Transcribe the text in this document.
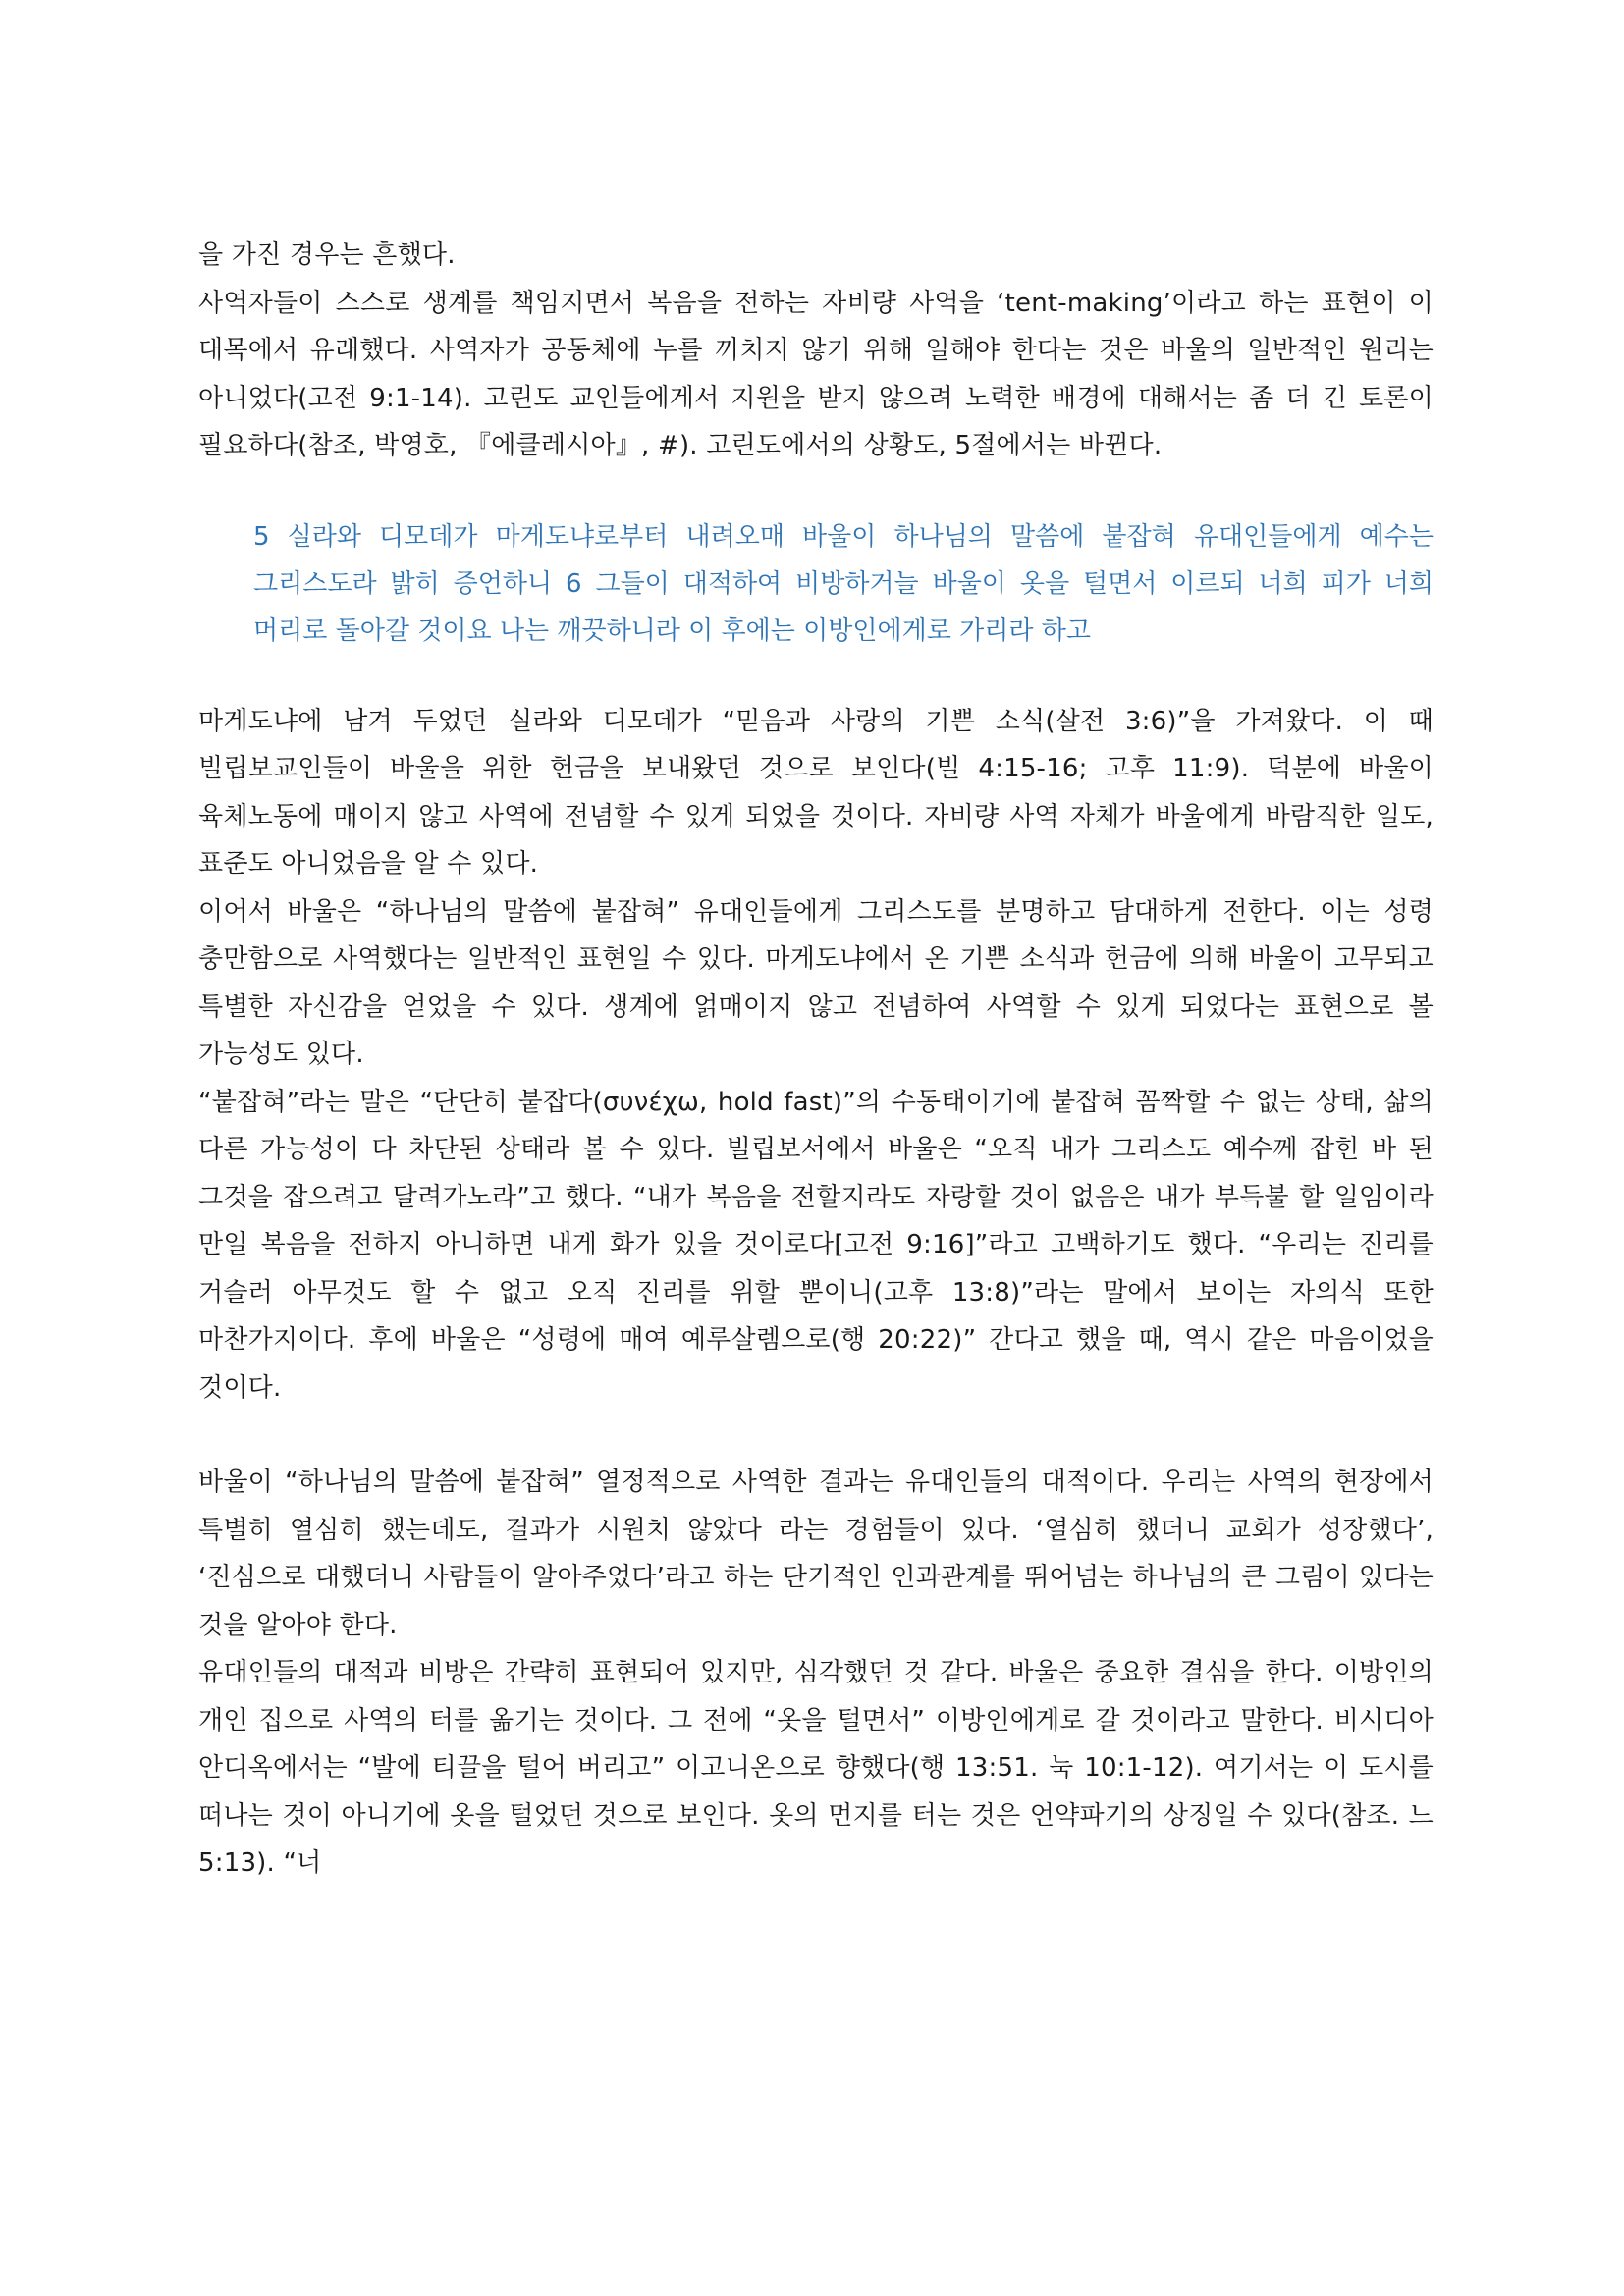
을 가진 경우는 흔했다.

사역자들이 스스로 생계를 책임지면서 복음을 전하는 자비량 사역을 ‘tent-making’이라고 하는 표현이 이 대목에서 유래했다. 사역자가 공동체에 누를 끼치지 않기 위해 일해야 한다는 것은 바울의 일반적인 원리는 아니었다(고전 9:1-14). 고린도 교인들에게서 지원을 받지 않으려 노력한 배경에 대해서는 좀 더 긴 토론이 필요하다(참조, 박영호, 『에클레시아』, #). 고린도에서의 상황도, 5절에서는 바뀐다.

5 실라와 디모데가 마게도냐로부터 내려오매 바울이 하나님의 말씀에 붙잡혀 유대인들에게 예수는 그리스도라 밝히 증언하니 6 그들이 대적하여 비방하거늘 바울이 옷을 털면서 이르되 너희 피가 너희 머리로 돌아갈 것이요 나는 깨끗하니라 이 후에는 이방인에게로 가리라 하고

마게도냐에 남겨 두었던 실라와 디모데가 “믿음과 사랑의 기쁜 소식(살전 3:6)”을 가져왔다. 이 때 빌립보교인들이 바울을 위한 헌금을 보내왔던 것으로 보인다(빌 4:15-16; 고후 11:9). 덕분에 바울이 육체노동에 매이지 않고 사역에 전념할 수 있게 되었을 것이다. 자비량 사역 자체가 바울에게 바람직한 일도, 표준도 아니었음을 알 수 있다.

이어서 바울은 “하나님의 말씀에 붙잡혀” 유대인들에게 그리스도를 분명하고 담대하게 전한다. 이는 성령 충만함으로 사역했다는 일반적인 표현일 수 있다. 마게도냐에서 온 기쁜 소식과 헌금에 의해 바울이 고무되고 특별한 자신감을 얻었을 수 있다. 생계에 얽매이지 않고 전념하여 사역할 수 있게 되었다는 표현으로 볼 가능성도 있다.

“붙잡혀”라는 말은 “단단히 붙잡다(συνέχω, hold fast)”의 수동태이기에 붙잡혀 꼼짝할 수 없는 상태, 삶의 다른 가능성이 다 차단된 상태라 볼 수 있다. 빌립보서에서 바울은 “오직 내가 그리스도 예수께 잡힌 바 된 그것을 잡으려고 달려가노라”고 했다. “내가 복음을 전할지라도 자랑할 것이 없음은 내가 부득불 할 일임이라 만일 복음을 전하지 아니하면 내게 화가 있을 것이로다[고전 9:16]”라고 고백하기도 했다. “우리는 진리를 거슬러 아무것도 할 수 없고 오직 진리를 위할 뿐이니(고후 13:8)”라는 말에서 보이는 자의식 또한 마찬가지이다. 후에 바울은 “성령에 매여 예루살렘으로(행 20:22)” 간다고 했을 때, 역시 같은 마음이었을 것이다.

바울이 “하나님의 말씀에 붙잡혀” 열정적으로 사역한 결과는 유대인들의 대적이다. 우리는 사역의 현장에서 특별히 열심히 했는데도, 결과가 시원치 않았다 라는 경험들이 있다. ‘열심히 했더니 교회가 성장했다’, ‘진심으로 대했더니 사람들이 알아주었다’라고 하는 단기적인 인과관계를 뛰어넘는 하나님의 큰 그림이 있다는 것을 알아야 한다.

유대인들의 대적과 비방은 간략히 표현되어 있지만, 심각했던 것 같다. 바울은 중요한 결심을 한다. 이방인의 개인 집으로 사역의 터를 옮기는 것이다. 그 전에 “옷을 털면서” 이방인에게로 갈 것이라고 말한다. 비시디아 안디옥에서는 “발에 티끌을 털어 버리고” 이고니온으로 향했다(행 13:51. 눅 10:1-12). 여기서는 이 도시를 떠나는 것이 아니기에 옷을 털었던 것으로 보인다. 옷의 먼지를 터는 것은 언약파기의 상징일 수 있다(참조. 느 5:13). “너
